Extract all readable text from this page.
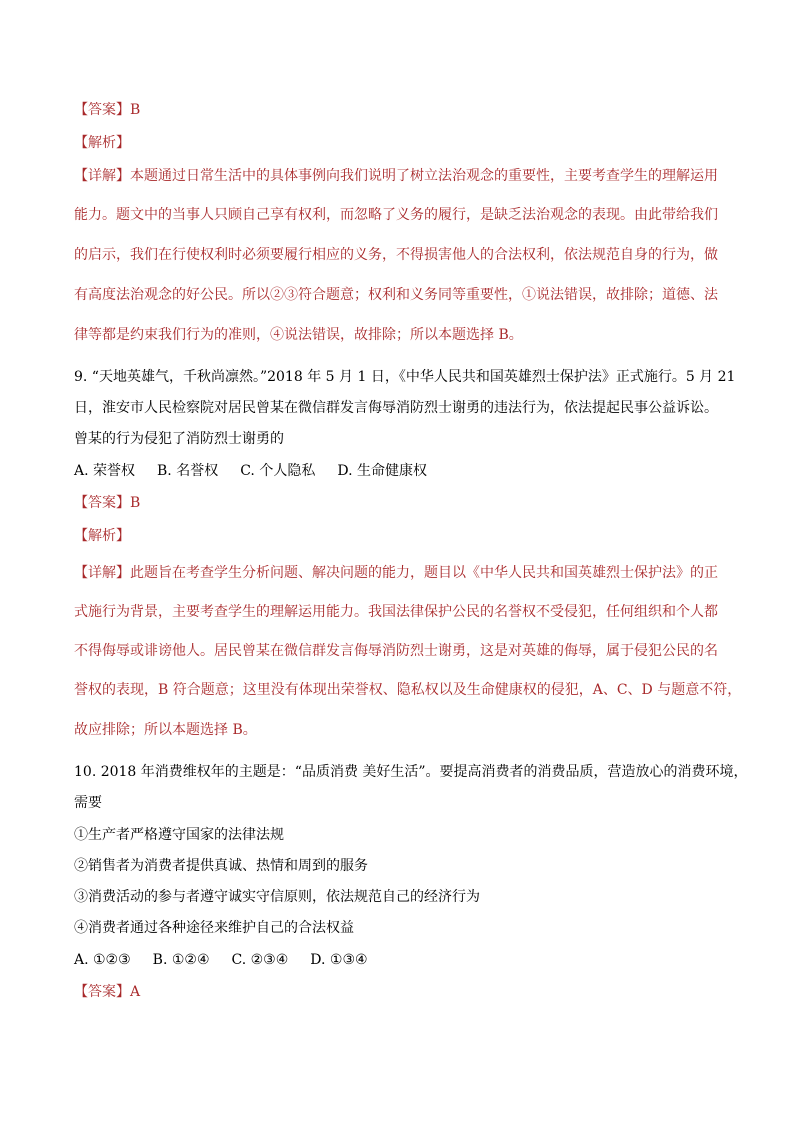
【答案】B
【解析】
【详解】本题通过日常生活中的具体事例向我们说明了树立法治观念的重要性，主要考查学生的理解运用
能力。题文中的当事人只顾自己享有权利，而忽略了义务的履行，是缺乏法治观念的表现。由此带给我们
的启示，我们在行使权利时必须要履行相应的义务，不得损害他人的合法权利，依法规范自身的行为，做
有高度法治观念的好公民。所以②③符合题意；权利和义务同等重要性，①说法错误，故排除；道德、法
律等都是约束我们行为的准则，④说法错误，故排除；所以本题选择 B。
9. “天地英雄气，千秋尚凛然。”2018 年 5 月 1 日，《中华人民共和国英雄烈士保护法》正式施行。5 月 21
日，淮安市人民检察院对居民曾某在微信群发言侮辱消防烈士谢勇的违法行为，依法提起民事公益诉讼。
曾某的行为侵犯了消防烈士谢勇的
A. 荣誉权 B. 名誉权 C. 个人隐私 D. 生命健康权
【答案】B
【解析】
【详解】此题旨在考查学生分析问题、解决问题的能力，题目以《中华人民共和国英雄烈士保护法》的正
式施行为背景，主要考查学生的理解运用能力。我国法律保护公民的名誉权不受侵犯，任何组织和个人都
不得侮辱或诽谤他人。居民曾某在微信群发言侮辱消防烈士谢勇，这是对英雄的侮辱，属于侵犯公民的名
誉权的表现，B 符合题意；这里没有体现出荣誉权、隐私权以及生命健康权的侵犯，A、C、D 与题意不符，
故应排除；所以本题选择 B。
10. 2018 年消费维权年的主题是：“品质消费 美好生活”。要提高消费者的消费品质，营造放心的消费环境，
需要
①生产者严格遵守国家的法律法规
②销售者为消费者提供真诚、热情和周到的服务
③消费活动的参与者遵守诚实守信原则，依法规范自己的经济行为
④消费者通过各种途径来维护自己的合法权益
A. ①②③ B. ①②④ C. ②③④ D. ①③④
【答案】A
